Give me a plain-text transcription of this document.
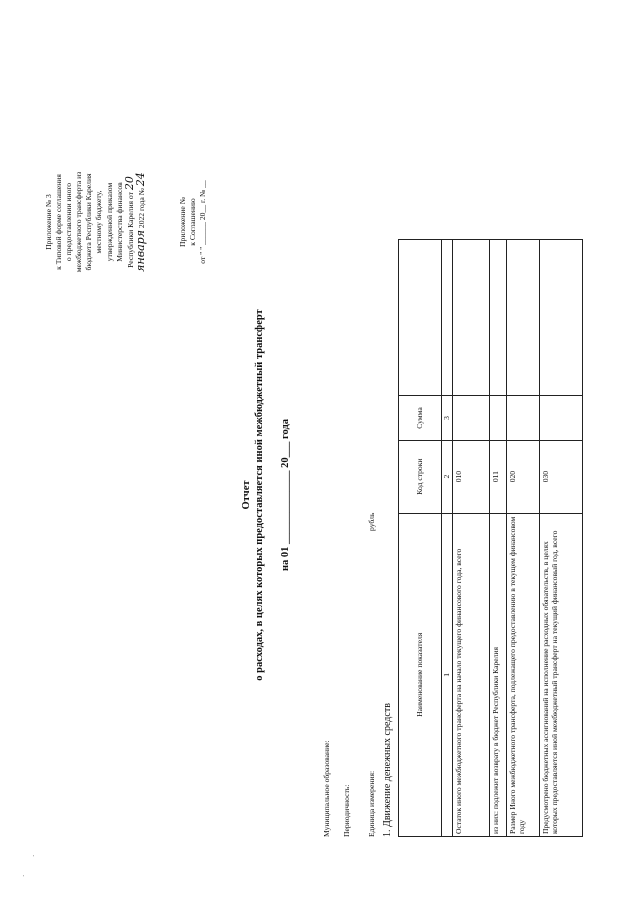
Приложение № 3 к Типовой форме соглашения о предоставлении иного межбюджетного трансферта из бюджета Республики Карелия местному бюджету, утвержденной приказом Министерства финансов Республики Карелия от 20
января 2022 года № 24
Приложение № к Соглашению от " " ______ 20__ г. № __
Отчет о расходах, в целях которых предоставляется иной межбюджетный трансферт на 01 ______________ 20___ года
Муниципальное образование: Периодичность: Единица измерения:
рубль
1. Движение денежных средств
Наименование показателя	Код строки	Сумма	
1	2	3	
Остаток иного межбюджетного трансферта на начало текущего финансового года, всего	010		
из них: подлежит возврату в бюджет Республики Карелия	011		
Размер Иного межбюджетного трансферта, подлежащего предоставлению в текущем финансовом году	020		
Предусмотрено бюджетных ассигнований на исполнение расходных обязательств, в целях которых предоставляется иной межбюджетный трансферт на текущий финансовый год, всего	030		
·
·
